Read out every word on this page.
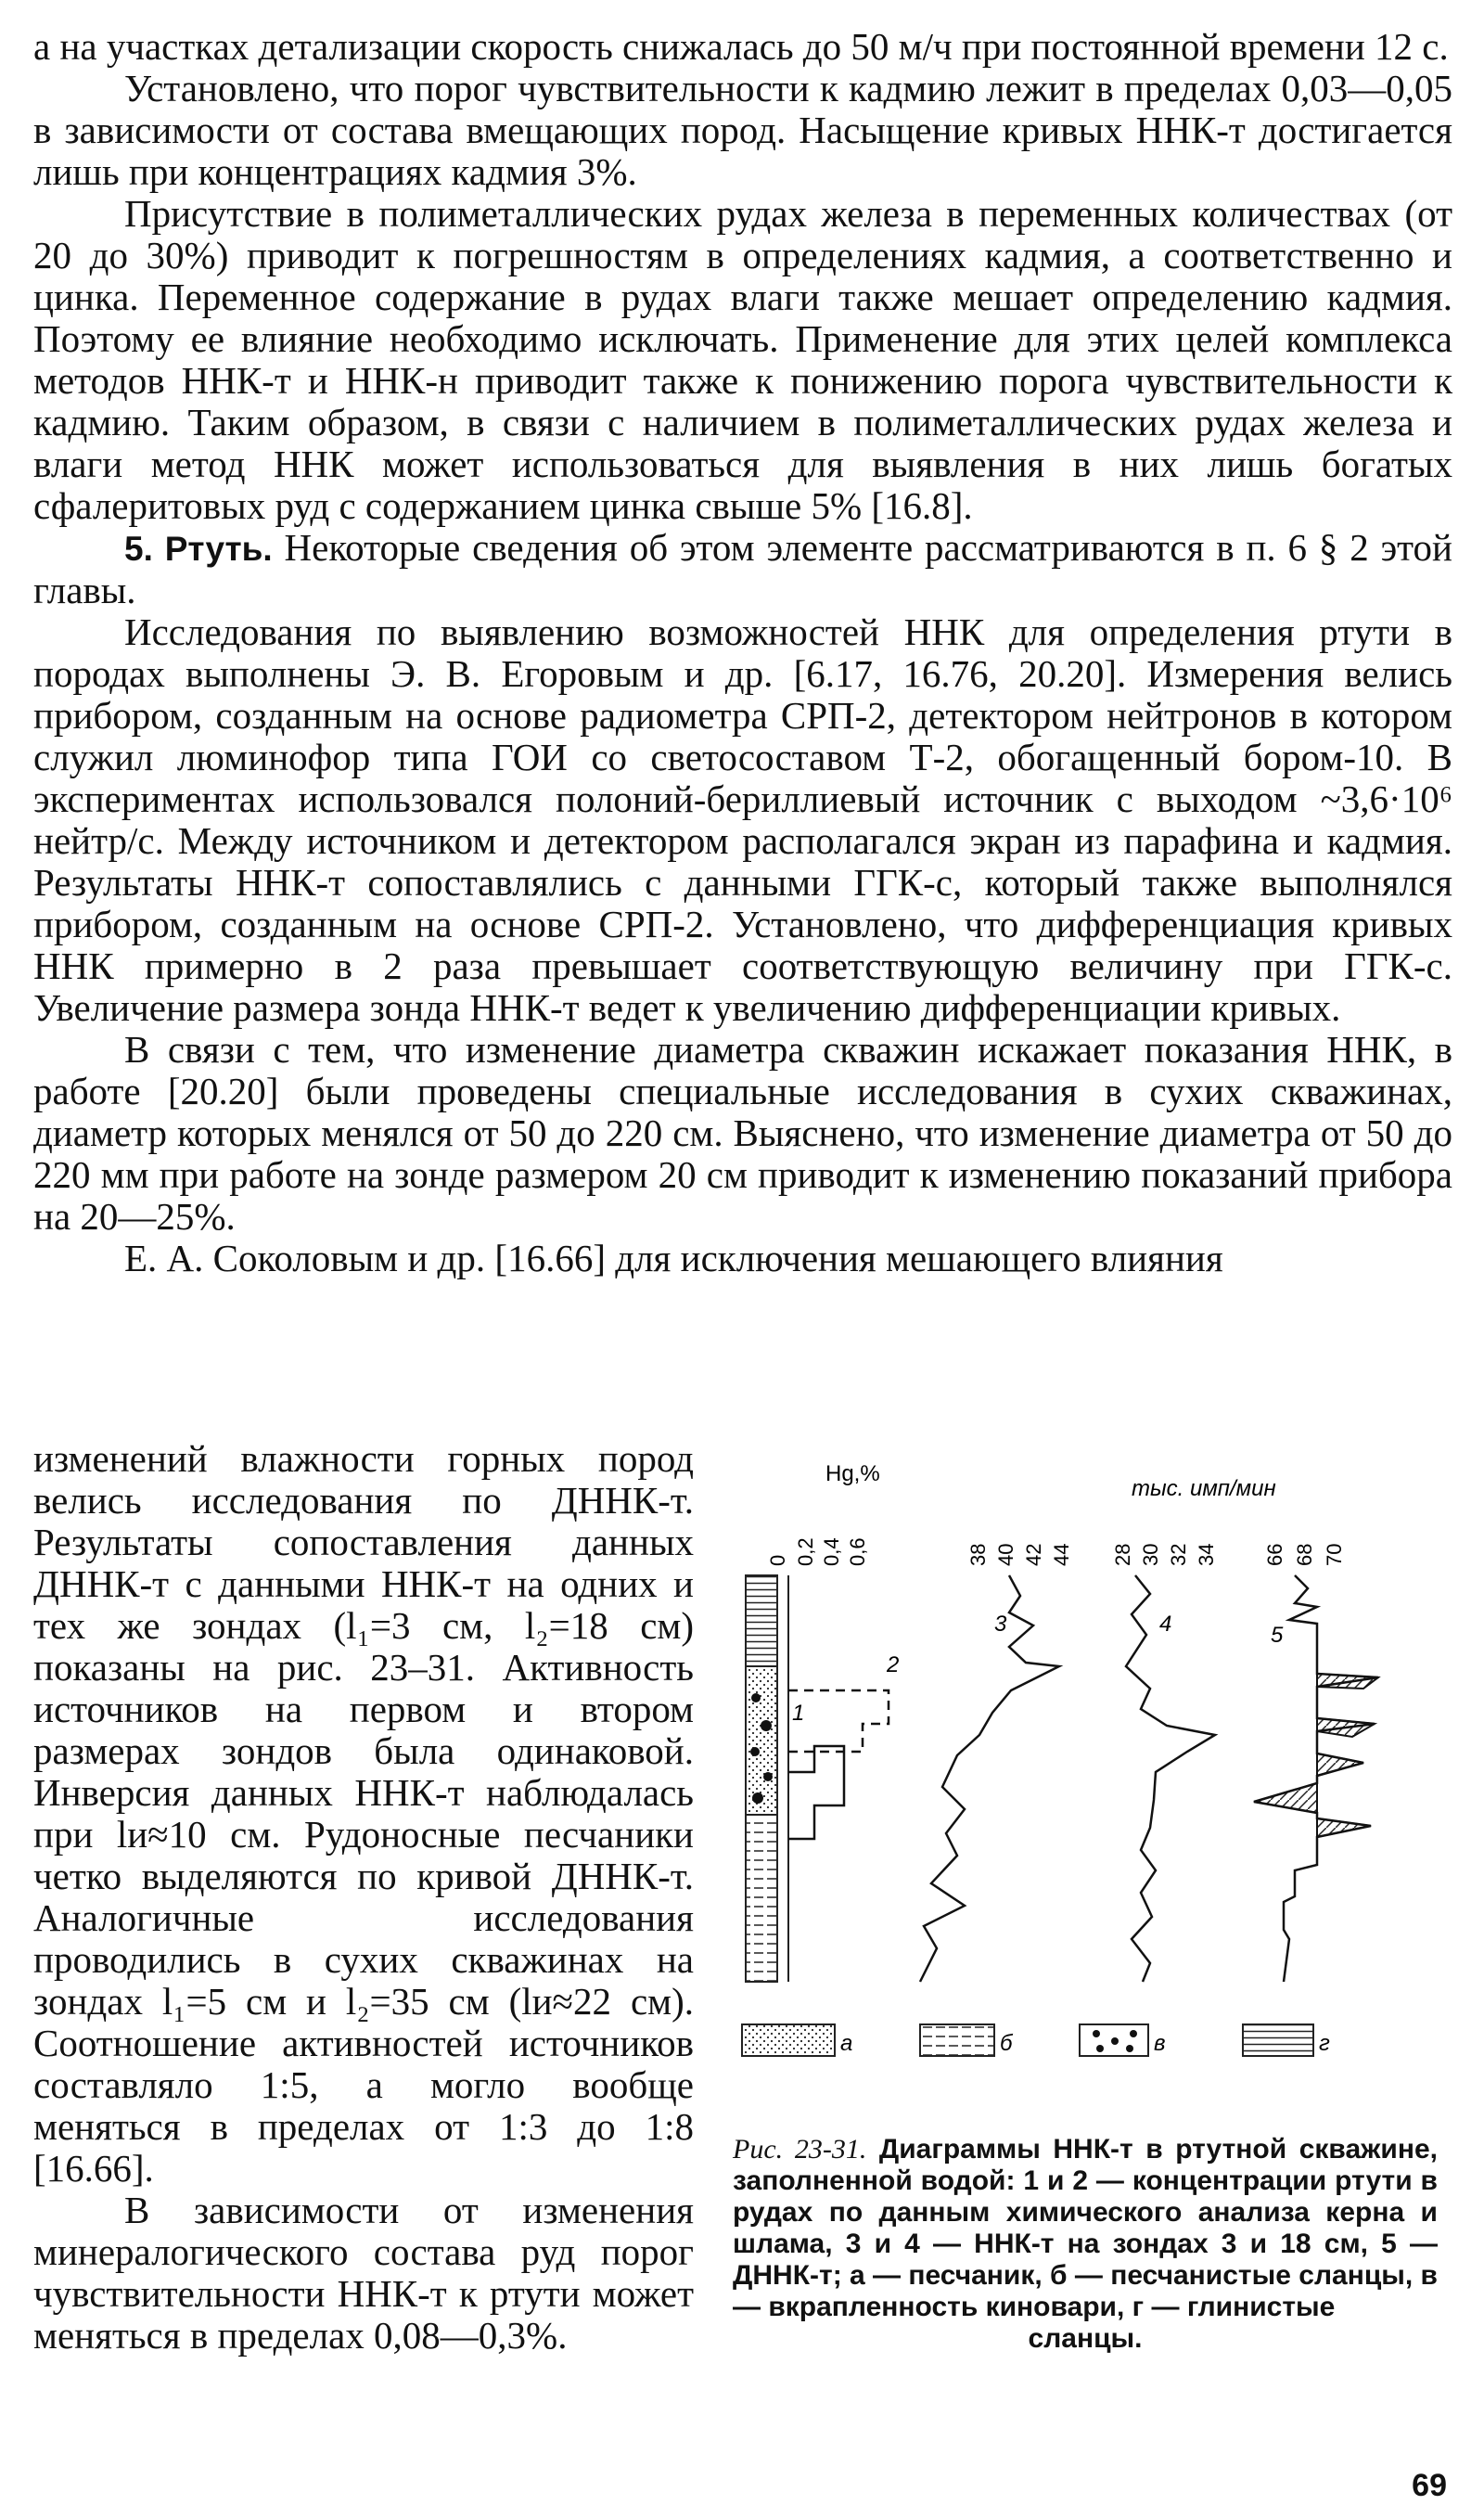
а на участках детализации скорость снижалась до 50 м/ч при постоянной времени 12 с.

Установлено, что порог чувствительности к кадмию лежит в пределах 0,03—0,05 в зависимости от состава вмещающих пород. Насыщение кривых ННК-т достигается лишь при концентрациях кадмия 3%.

Присутствие в полиметаллических рудах железа в переменных количествах (от 20 до 30%) приводит к погрешностям в определениях кадмия, а соответственно и цинка. Переменное содержание в рудах влаги также мешает определению кадмия. Поэтому ее влияние необходимо исключать. Применение для этих целей комплекса методов ННК-т и ННК-н приводит также к понижению порога чувствительности к кадмию. Таким образом, в связи с наличием в полиметаллических рудах железа и влаги метод ННК может использоваться для выявления в них лишь богатых сфалеритовых руд с содержанием цинка свыше 5% [16.8].

5. Ртуть. Некоторые сведения об этом элементе рассматриваются в п. 6 § 2 этой главы.

Исследования по выявлению возможностей ННК для определения ртути в породах выполнены Э. В. Егоровым и др. [6.17, 16.76, 20.20]. Измерения велись прибором, созданным на основе радиометра СРП-2, детектором нейтронов в котором служил люминофор типа ГОИ со светосоставом Т-2, обогащенный бором-10. В экспериментах использовался полоний-бериллиевый источник с выходом ~3,6·10⁶ нейтр/с. Между источником и детектором располагался экран из парафина и кадмия. Результаты ННК-т сопоставлялись с данными ГГК-с, который также выполнялся прибором, созданным на основе СРП-2. Установлено, что дифференциация кривых ННК примерно в 2 раза превышает соответствующую величину при ГГК-с. Увеличение размера зонда ННК-т ведет к увеличению дифференциации кривых.

В связи с тем, что изменение диаметра скважин искажает показания ННК, в работе [20.20] были проведены специальные исследования в сухих скважинах, диаметр которых менялся от 50 до 220 см. Выяснено, что изменение диаметра от 50 до 220 мм при работе на зонде размером 20 см приводит к изменению показаний прибора на 20—25%.

Е. А. Соколовым и др. [16.66] для исключения мешающего влияния

изменений влажности горных пород велись исследования по ДННК-т. Результаты сопоставления данных ДННК-т с данными ННК-т на одних и тех же зондах (l₁=3 см, l₂=18 см) показаны на рис. 23–31. Активность источников на первом и втором размерах зондов была одинаковой. Инверсия данных ННК-т наблюдалась при lи≈10 см. Рудоносные песчаники четко выделяются по кривой ДННК-т. Аналогичные исследования проводились в сухих скважинах на зондах l₁=5 см и l₂=35 см (lи≈22 см). Соотношение активностей источников составляло 1:5, а могло вообще меняться в пределах от 1:3 до 1:8 [16.66].

В зависимости от изменения минералогического состава руд порог чувствительности ННК-т к ртути может меняться в пределах 0,08—0,3%.

Hg,%
тыс. имп/мин
0 0,2 0,4 0,6	38 40 42 44 28 30 32 34 66 68 70
1
2
3	4	5
а	б	в	г
Рис. 23-31. Диаграммы ННК-т в ртутной скважине, заполненной водой: 1 и 2 — концентрации ртути в рудах по данным химического анализа керна и шлама, 3 и 4 — ННК-т на зондах 3 и 18 см, 5 — ДННК-т; а — песчаник, б — песчанистые сланцы, в — вкрапленность киновари, г — глинистые
сланцы.
69
